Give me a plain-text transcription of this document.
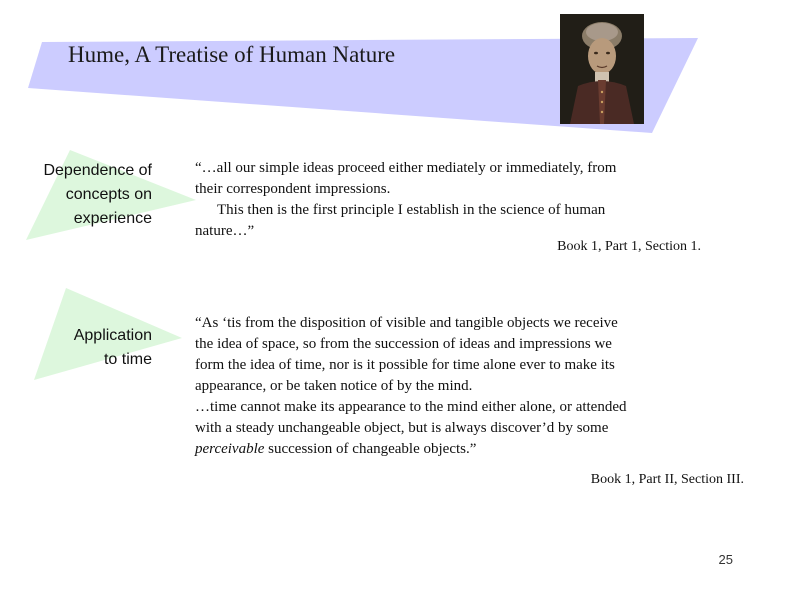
Hume, A Treatise of Human Nature
Dependence of
concepts on
experience

“…all our simple ideas proceed either mediately or immediately, from

their correspondent impressions.

This then is the first principle I establish in the science of human

nature…”

Book 1, Part 1, Section 1.
Application
to time

“As ‘tis from the disposition of visible and tangible objects we receive

the idea of space, so from the succession of ideas and impressions we

form the idea of time, nor is it possible for time alone ever to make its

appearance, or be taken notice of by the mind.

…time cannot make its appearance to the mind either alone, or attended

with a steady unchangeable object, but is always discover’d by some

perceivable succession of changeable objects.”

Book 1, Part II, Section III.
25
